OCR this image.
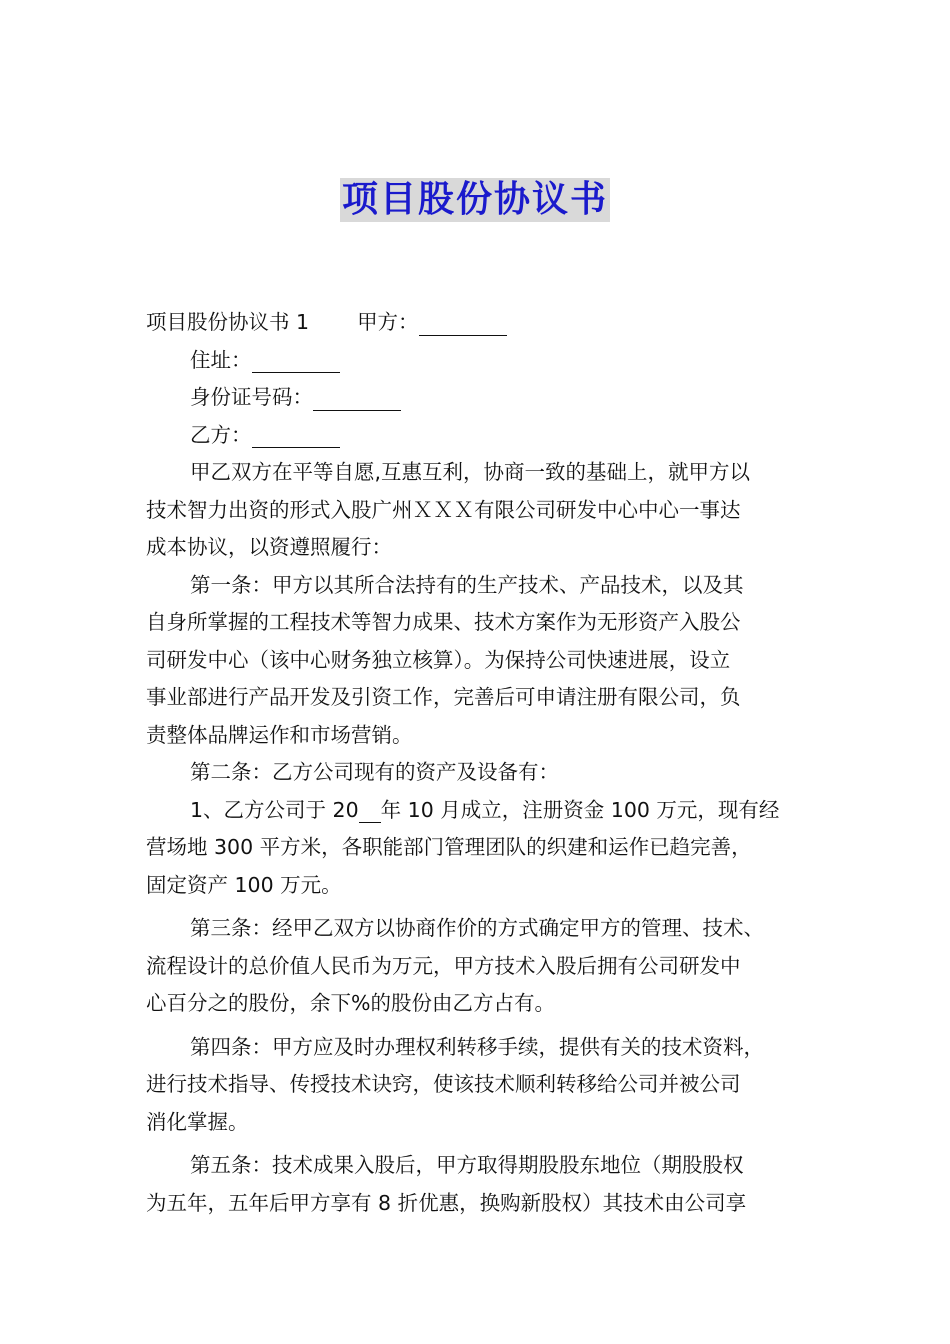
项目股份协议书
项目股份协议书 1 甲方：
住址：
身份证号码：
乙方：
甲乙双方在平等自愿,互惠互利，协商一致的基础上，就甲方以
技术智力出资的形式入股广州ＸＸＸ有限公司研发中心中心一事达
成本协议，以资遵照履行：
第一条：甲方以其所合法持有的生产技术、产品技术，以及其
自身所掌握的工程技术等智力成果、技术方案作为无形资产入股公
司研发中心（该中心财务独立核算）。为保持公司快速进展，设立
事业部进行产品开发及引资工作，完善后可申请注册有限公司，负
责整体品牌运作和市场营销。
第二条：乙方公司现有的资产及设备有：
1、乙方公司于 20 年 10 月成立，注册资金 100 万元，现有经
营场地 300 平方米，各职能部门管理团队的织建和运作已趋完善，
固定资产 100 万元。
第三条：经甲乙双方以协商作价的方式确定甲方的管理、技术、
流程设计的总价值人民币为万元，甲方技术入股后拥有公司研发中
心百分之的股份，余下%的股份由乙方占有。
第四条：甲方应及时办理权利转移手续，提供有关的技术资料，
进行技术指导、传授技术诀窍，使该技术顺利转移给公司并被公司
消化掌握。
第五条：技术成果入股后，甲方取得期股股东地位（期股股权
为五年，五年后甲方享有 8 折优惠，换购新股权）其技术由公司享
